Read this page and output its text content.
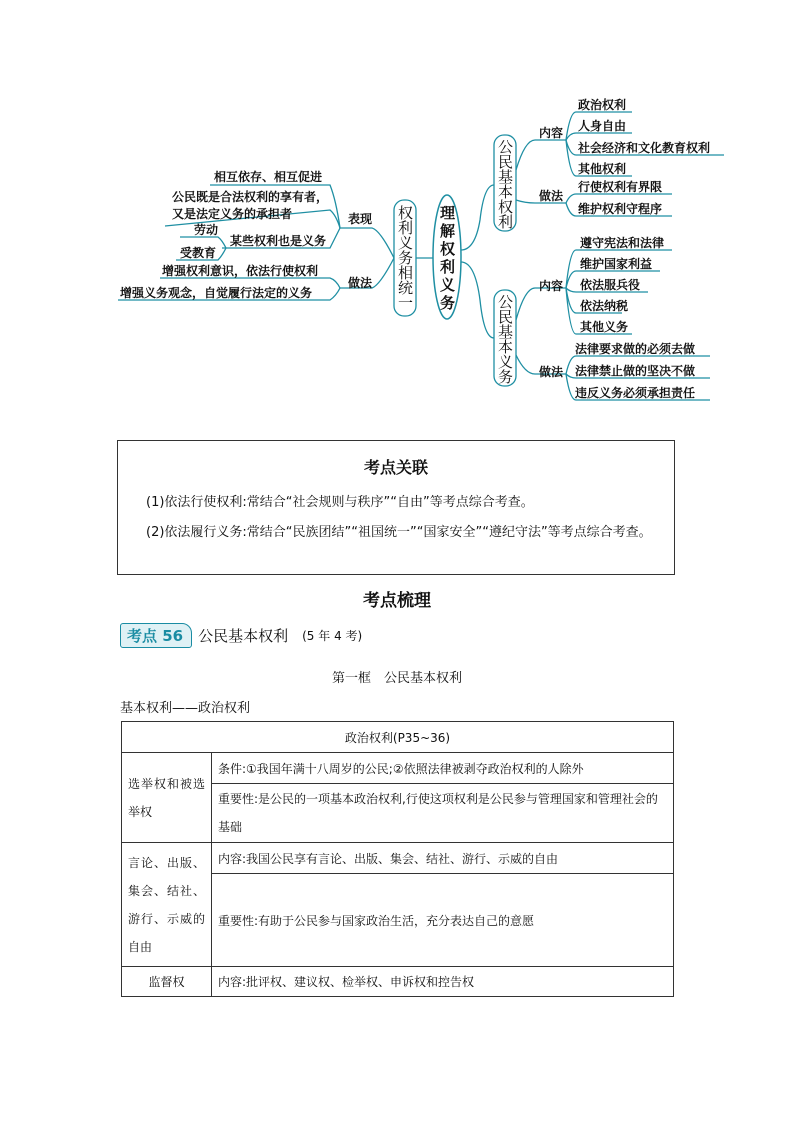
理 解 权 利 义 务
权 利 义 务 相 统 一
表现
做法
相互依存、相互促进
公民既是合法权利的享有者，
又是法定义务的承担者
某些权利也是义务
劳动
受教育
增强权利意识，依法行使权利
增强义务观念，自觉履行法定的义务
公 民 基 本 权 利
内容
做法
政治权利
人身自由
社会经济和文化教育权利
其他权利
行使权利有界限
维护权利守程序
公 民 基 本 义 务
内容
做法
遵守宪法和法律
维护国家利益
依法服兵役
依法纳税
其他义务
法律要求做的必须去做
法律禁止做的坚决不做
违反义务必须承担责任
考点关联

(1)依法行使权利:常结合“社会规则与秩序”“自由”等考点综合考查。

(2)依法履行义务:常结合“民族团结”“祖国统一”“国家安全”“遵纪守法”等考点综合考查。

考点梳理
考点 56	公民基本权利 (5 年 4 考)
第一框　公民基本权利
基本权利——政治权利
政治权利(P35~36)	
选举权和被选举权	条件:①我国年满十八周岁的公民;②依照法律被剥夺政治权利的人除外
	重要性:是公民的一项基本政治权利,行使这项权利是公民参与管理国家和管理社会的基础
言论、出版、集会、结社、游行、示威的自由	内容:我国公民享有言论、出版、集会、结社、游行、示威的自由
	重要性:有助于公民参与国家政治生活，充分表达自己的意愿
监督权	内容:批评权、建议权、检举权、申诉权和控告权
